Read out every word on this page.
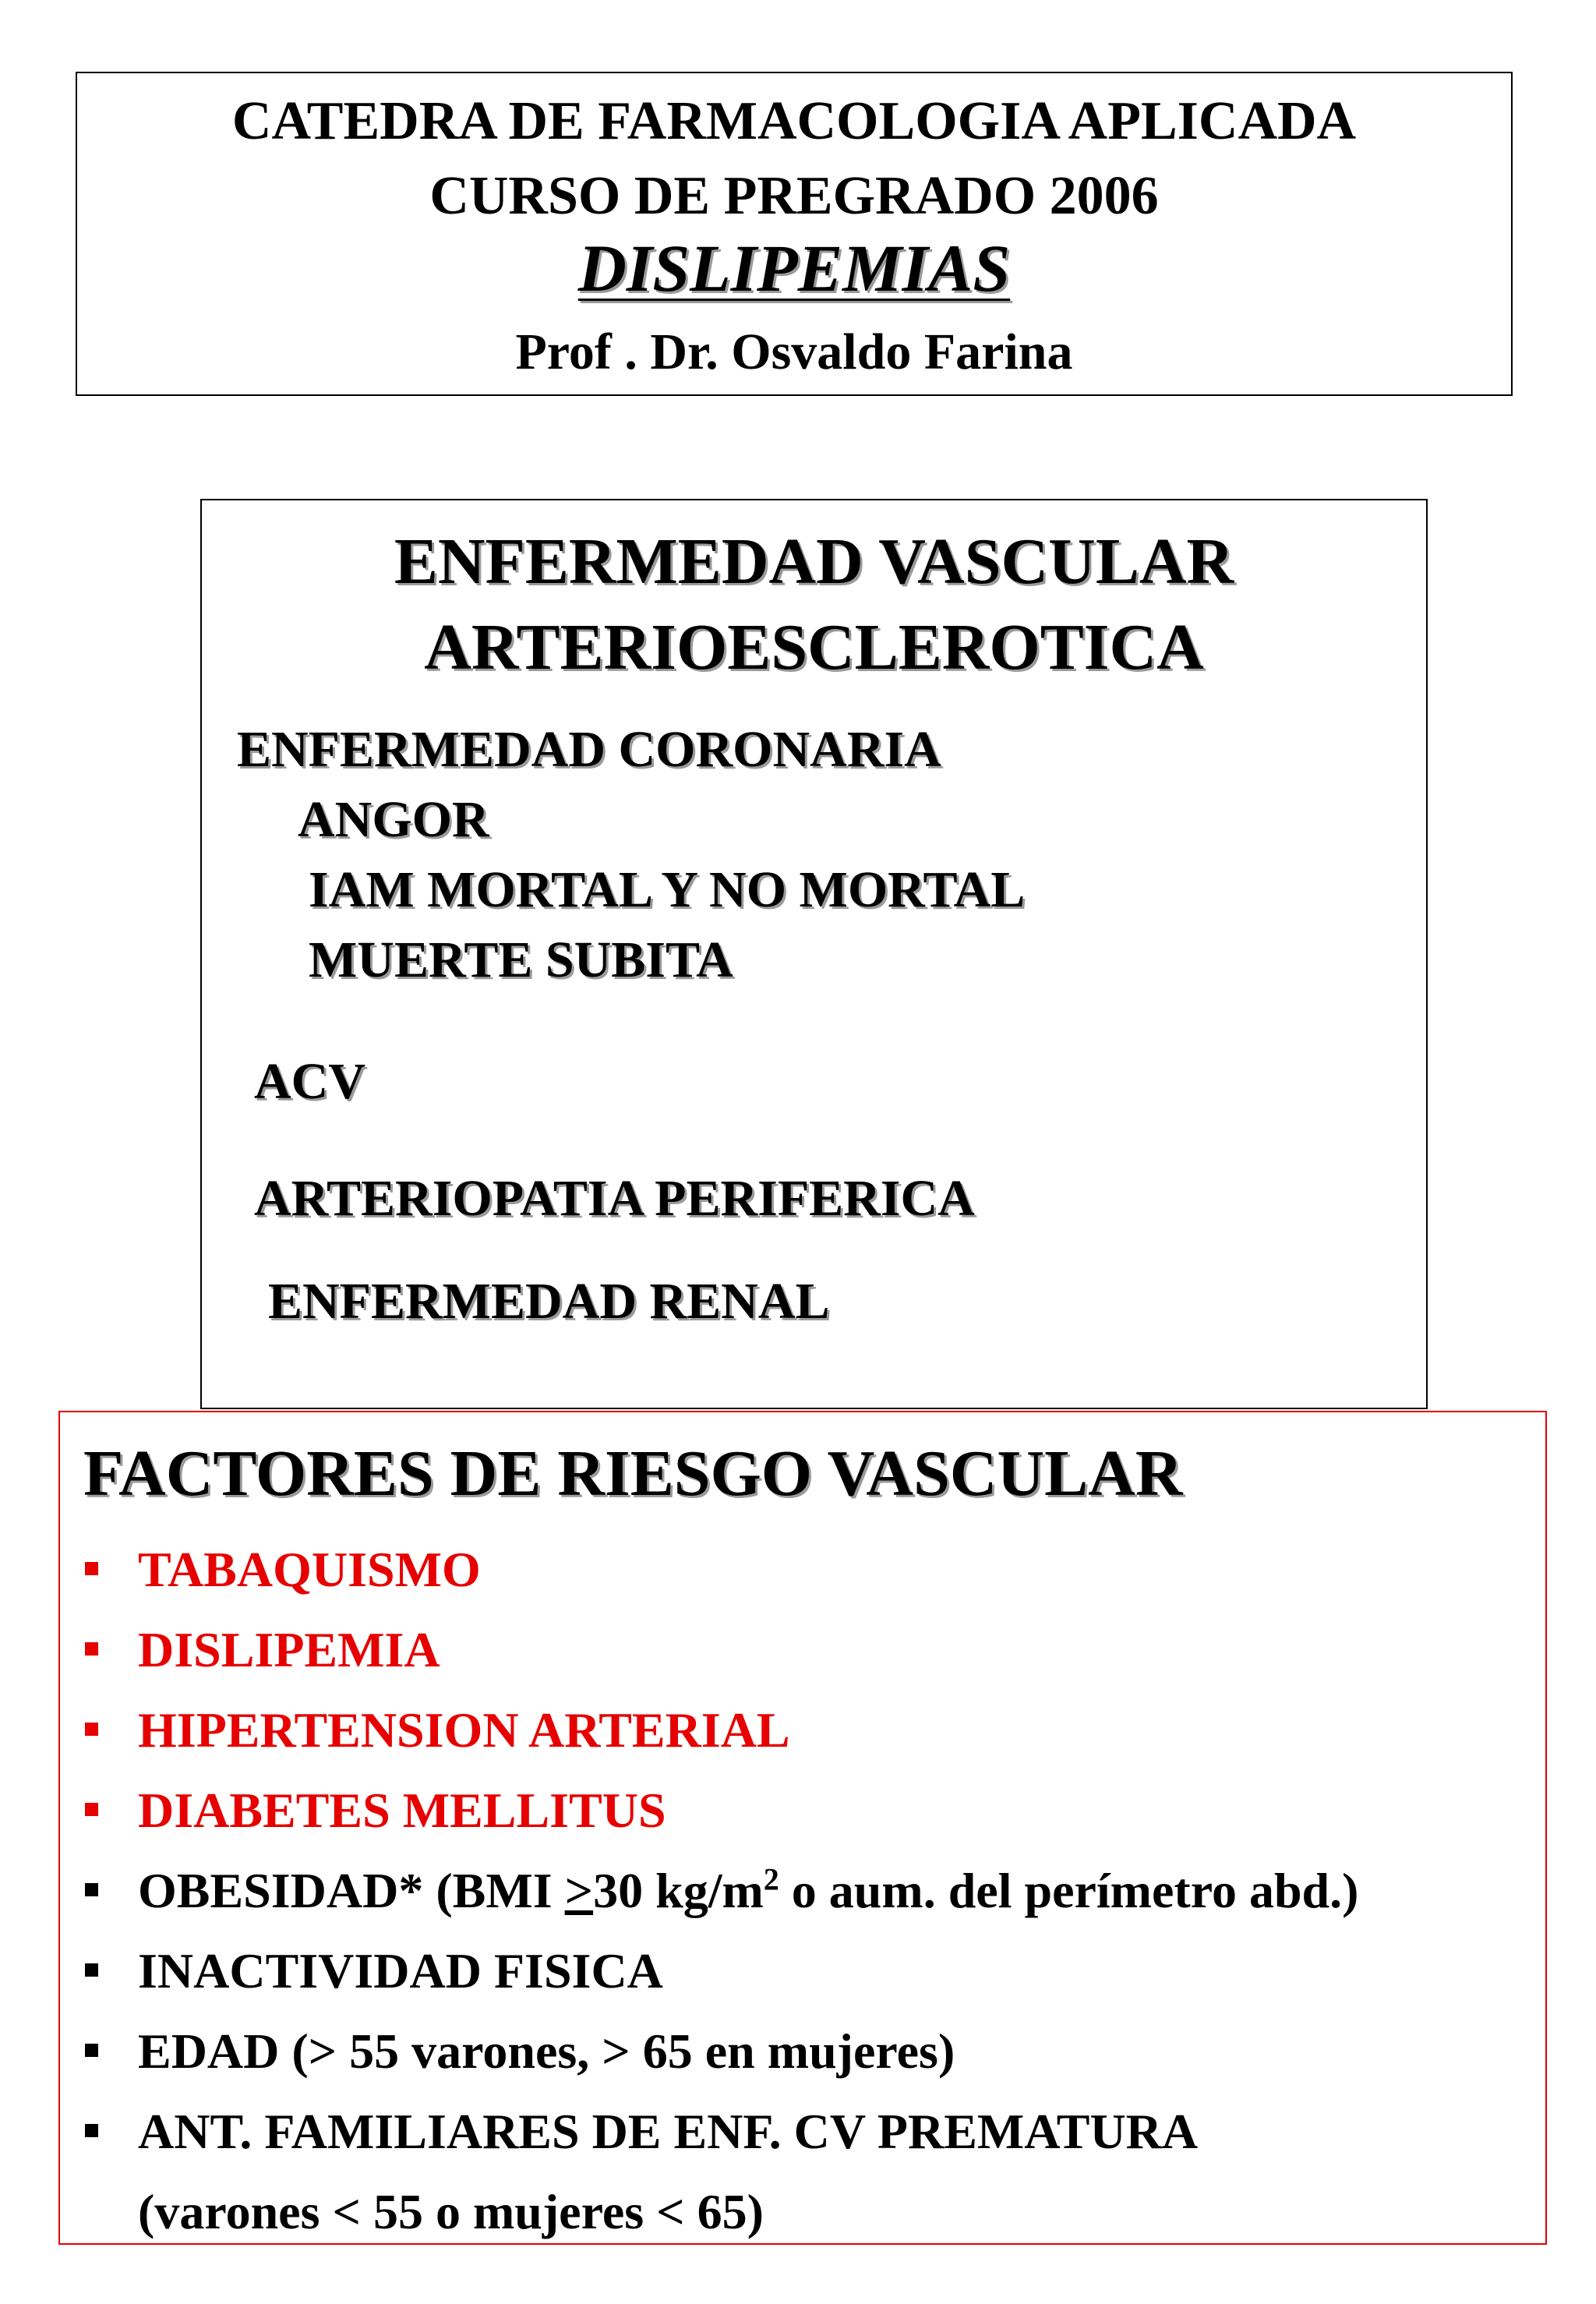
CATEDRA DE FARMACOLOGIA APLICADA
CURSO DE PREGRADO 2006
DISLIPEMIAS
Prof . Dr. Osvaldo Farina
ENFERMEDAD VASCULAR
ARTERIOESCLEROTICA
ENFERMEDAD CORONARIA
ANGOR
IAM MORTAL Y NO MORTAL
MUERTE SUBITA
ACV
ARTERIOPATIA PERIFERICA
ENFERMEDAD RENAL
FACTORES DE RIESGO VASCULAR
TABAQUISMO
DISLIPEMIA
HIPERTENSION ARTERIAL
DIABETES MELLITUS
OBESIDAD* (BMI ≥30 $kg/m^2$ o aum. del perímetro abd.)
INACTIVIDAD FISICA
EDAD (> 55 varones, > 65 en mujeres)
ANT. FAMILIARES DE ENF. CV PREMATURA
(varones < 55 o mujeres < 65)
